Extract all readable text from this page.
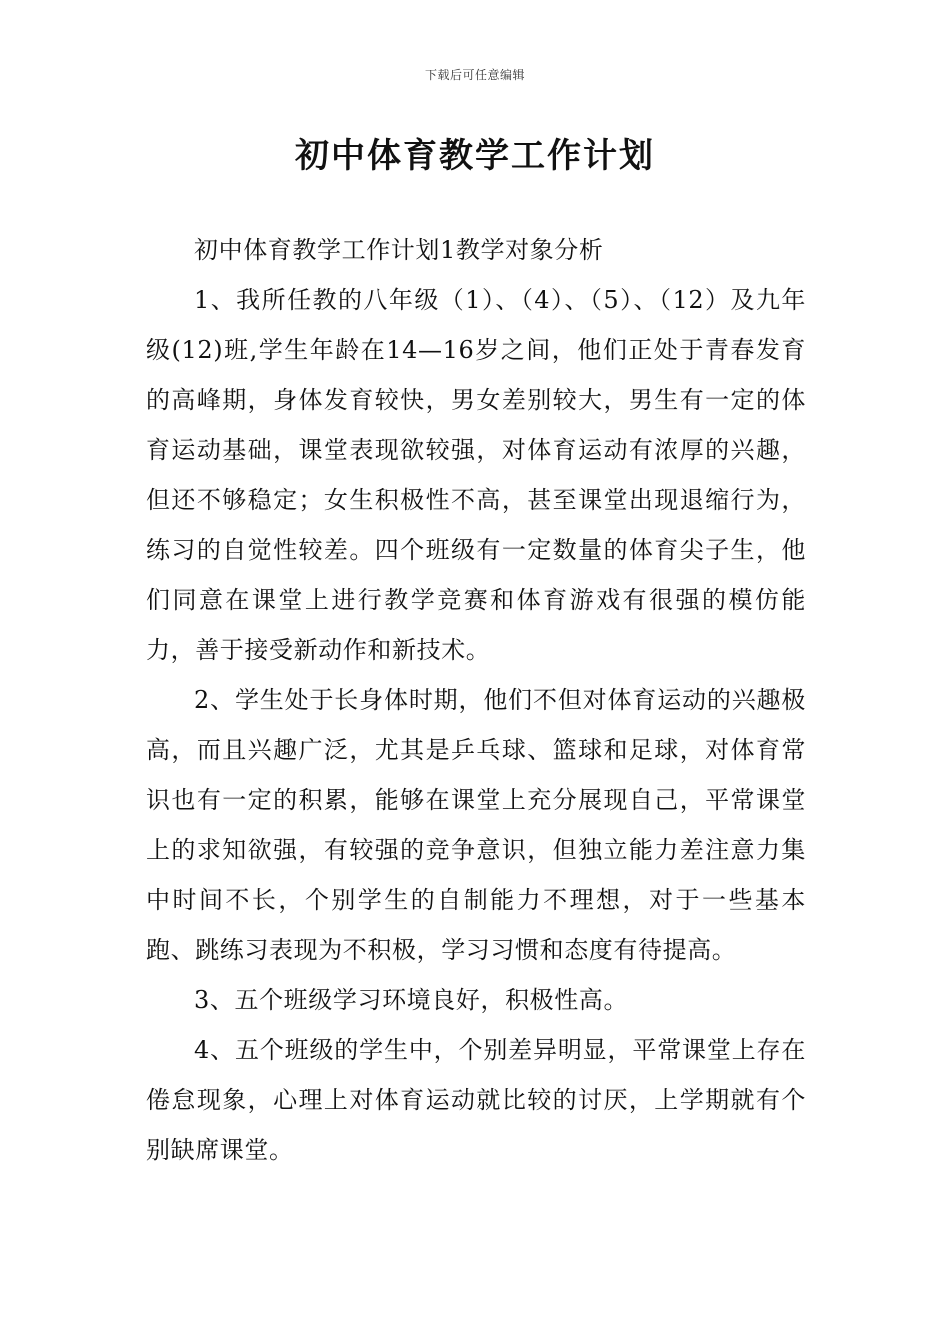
下载后可任意编辑
初中体育教学工作计划

初中体育教学工作计划1教学对象分析

1、我所任教的八年级（1）、（4）、（5）、（12）及九年级(12)班,学生年龄在14—16岁之间，他们正处于青春发育的高峰期，身体发育较快，男女差别较大，男生有一定的体育运动基础，课堂表现欲较强，对体育运动有浓厚的兴趣，但还不够稳定；女生积极性不高，甚至课堂出现退缩行为，练习的自觉性较差。四个班级有一定数量的体育尖子生，他们同意在课堂上进行教学竞赛和体育游戏有很强的模仿能力，善于接受新动作和新技术。

2、学生处于长身体时期，他们不但对体育运动的兴趣极高，而且兴趣广泛，尤其是乒乓球、篮球和足球，对体育常识也有一定的积累，能够在课堂上充分展现自己，平常课堂上的求知欲强，有较强的竞争意识，但独立能力差注意力集中时间不长，个别学生的自制能力不理想，对于一些基本跑、跳练习表现为不积极，学习习惯和态度有待提高。

3、五个班级学习环境良好，积极性高。

4、五个班级的学生中，个别差异明显，平常课堂上存在倦怠现象，心理上对体育运动就比较的讨厌，上学期就有个别缺席课堂。
